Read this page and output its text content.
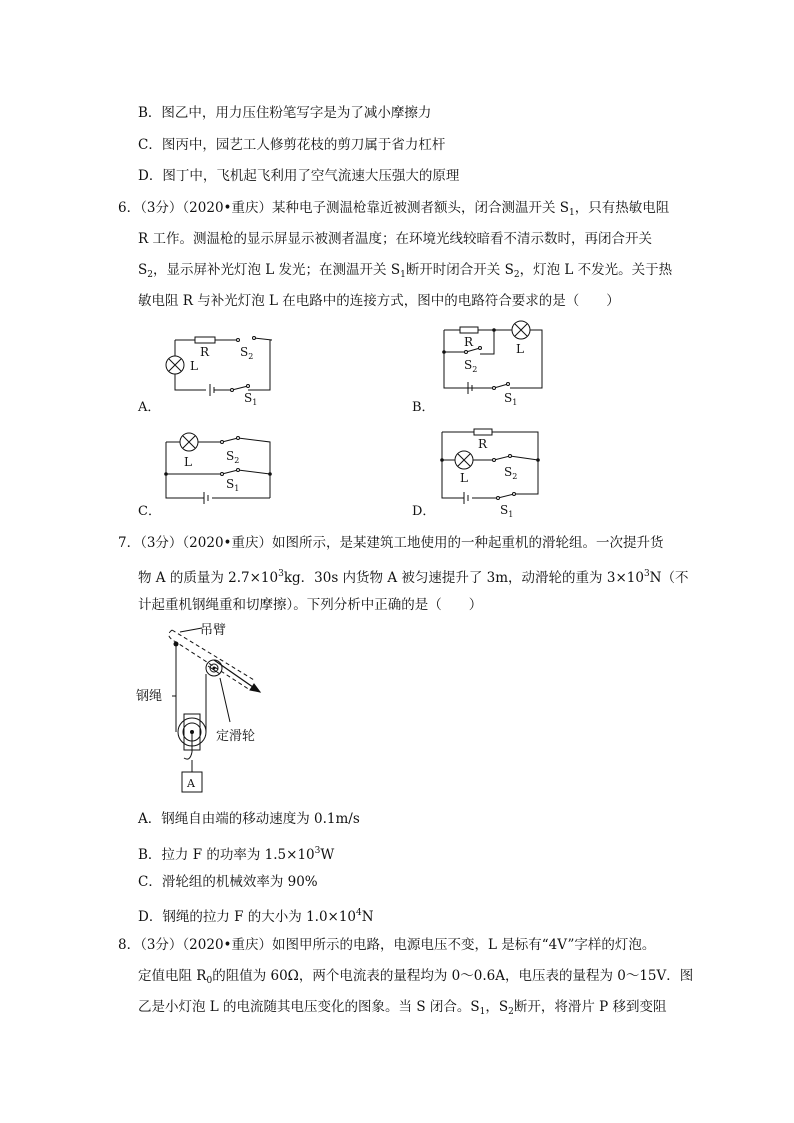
B．图乙中，用力压住粉笔写字是为了减小摩擦力
C．图丙中，园艺工人修剪花枝的剪刀属于省力杠杆
D．图丁中，飞机起飞利用了空气流速大压强大的原理
6．（3分）（2020•重庆）某种电子测温枪靠近被测者额头，闭合测温开关 $S_1$，只有热敏电阻
R 工作。测温枪的显示屏显示被测者温度；在环境光线较暗看不清示数时，再闭合开关
$S_2$，显示屏补光灯泡 L 发光；在测温开关 $S_1$断开时闭合开关 $S_2$，灯泡 L 不发光。关于热
敏电阻 R 与补光灯泡 L 在电路中的连接方式，图中的电路符合要求的是（　　）
A．
R
L
$S_2$
$S_1$	B．
R	L
$S_2$
$S_1$
C．
L	$S_2$
$S_1$
D．
R
L	$S_2$
$S_1$
7．（3分）（2020•重庆）如图所示，是某建筑工地使用的一种起重机的滑轮组。一次提升货
物 A 的质量为 $2.7\times 10^3kg$．30s 内货物 A 被匀速提升了 3m，动滑轮的重为 $3\times 10^3N$（不
计起重机钢绳重和切摩擦）。下列分析中正确的是（　　）
吊臂
钢绳
定滑轮
A
A．钢绳自由端的移动速度为 0.1m/s
B．拉力 F 的功率为 $1.5\times 10^3W$
C．滑轮组的机械效率为 90%
D．钢绳的拉力 F 的大小为 $1.0\times 10^4N$
8．（3分）（2020•重庆）如图甲所示的电路，电源电压不变，L 是标有“4V”字样的灯泡。
定值电阻 $R_0$的阻值为 60Ω，两个电流表的量程均为 0～0.6A，电压表的量程为 0～15V．图
乙是小灯泡 L 的电流随其电压变化的图象。当 S 闭合。$S_1$，$S_2$断开，将滑片 P 移到变阻
